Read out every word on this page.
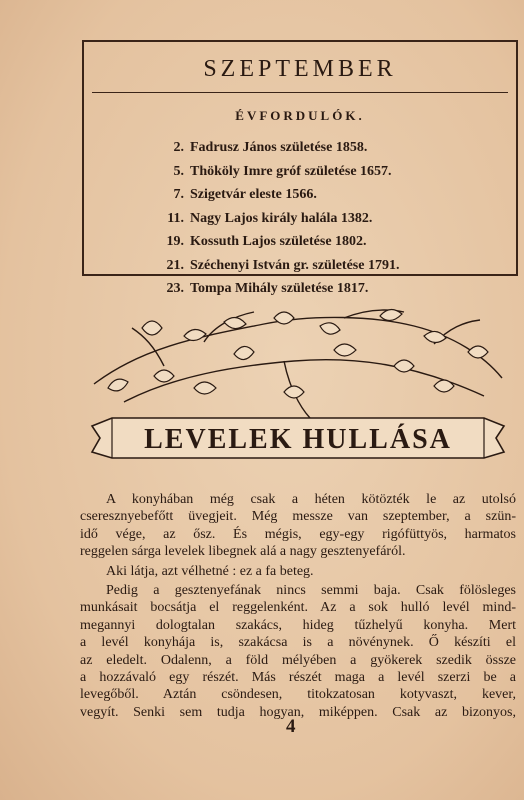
SZEPTEMBER
ÉVFORDULÓK.
2. Fadrusz János születése 1858.
5. Thököly Imre gróf születése 1657.
7. Szigetvár eleste 1566.
11. Nagy Lajos király halála 1382.
19. Kossuth Lajos születése 1802.
21. Széchenyi István gr. születése 1791.
23. Tompa Mihály születése 1817.
LEVELEK HULLÁSA

A konyhában még csak a héten kötözték le az utolsó

cseresznyebefőtt üvegjeit. Még messze van szeptember, a szün-

idő vége, az ősz. És mégis, egy-egy rigófüttyös, harmatos

reggelen sárga levelek libegnek alá a nagy gesztenyefáról.

Aki látja, azt vélhetné : ez a fa beteg.

Pedig a gesztenyefának nincs semmi baja. Csak fölösleges

munkásait bocsátja el reggelenként. Az a sok hulló levél mind-

megannyi dologtalan szakács, hideg tűzhelyű konyha. Mert

a levél konyhája is, szakácsa is a növénynek. Ő készíti el

az eledelt. Odalenn, a föld mélyében a gyökerek szedik össze

a hozzávaló egy részét. Más részét maga a levél szerzi be a

levegőből. Aztán csöndesen, titokzatosan kotyvaszt, kever,

vegyít. Senki sem tudja hogyan, miképpen. Csak az bizonyos,

4
